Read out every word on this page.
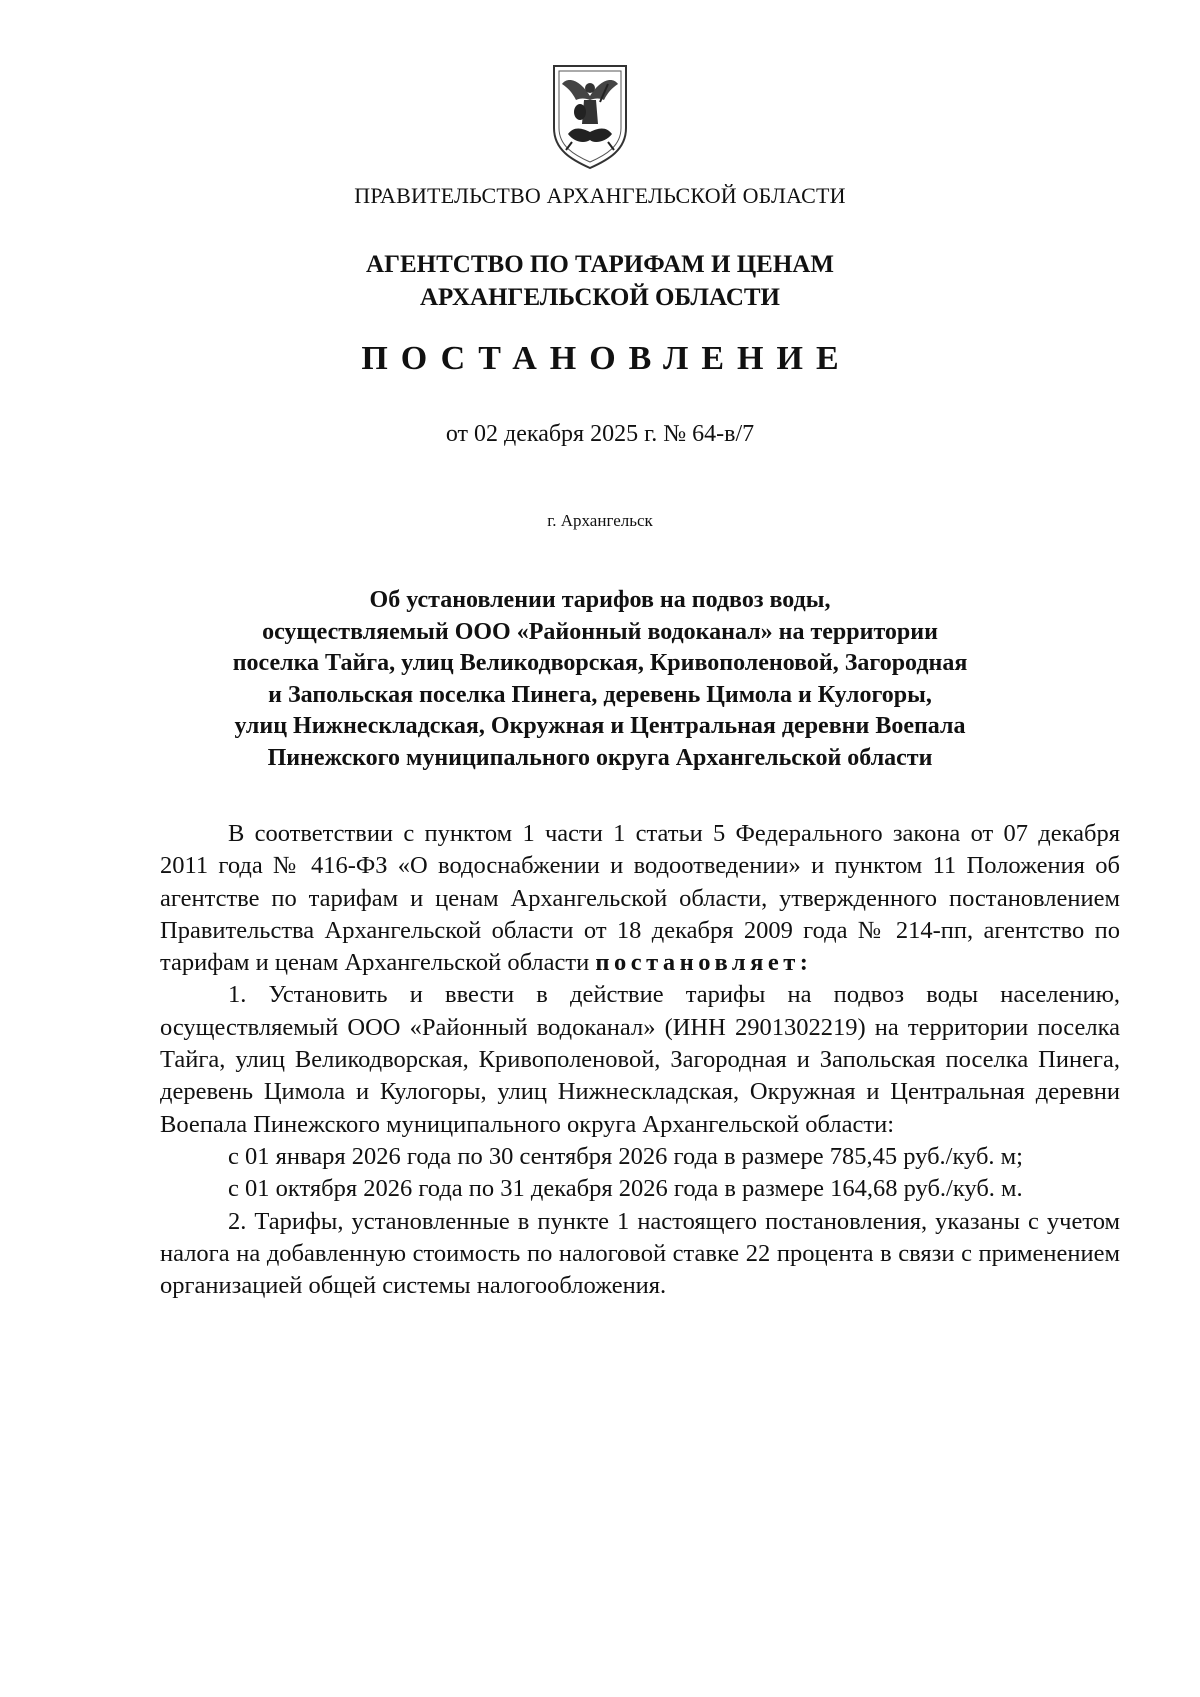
ПРАВИТЕЛЬСТВО АРХАНГЕЛЬСКОЙ ОБЛАСТИ
АГЕНТСТВО ПО ТАРИФАМ И ЦЕНАМ
АРХАНГЕЛЬСКОЙ ОБЛАСТИ
ПОСТАНОВЛЕНИЕ
от 02 декабря 2025 г. № 64-в/7
г. Архангельск
Об установлении тарифов на подвоз воды,
осуществляемый ООО «Районный водоканал» на территории
поселка Тайга, улиц Великодворская, Кривополеновой, Загородная
и Запольская поселка Пинега, деревень Цимола и Кулогоры,
улиц Нижнескладская, Окружная и Центральная деревни Воепала
Пинежского муниципального округа Архангельской области

В соответствии с пунктом 1 части 1 статьи 5 Федерального закона от 07 декабря 2011 года № 416-ФЗ «О водоснабжении и водоотведении» и пунктом 11 Положения об агентстве по тарифам и ценам Архангельской области, утвержденного постановлением Правительства Архангельской области от 18 декабря 2009 года № 214-пп, агентство по тарифам и ценам Архангельской области постановляет:

1. Установить и ввести в действие тарифы на подвоз воды населению, осуществляемый ООО «Районный водоканал» (ИНН 2901302219) на территории поселка Тайга, улиц Великодворская, Кривополеновой, Загородная и Запольская поселка Пинега, деревень Цимола и Кулогоры, улиц Нижнескладская, Окружная и Центральная деревни Воепала Пинежского муниципального округа Архангельской области:

с 01 января 2026 года по 30 сентября 2026 года в размере 785,45 руб./куб. м;

с 01 октября 2026 года по 31 декабря 2026 года в размере 164,68 руб./куб. м.

2. Тарифы, установленные в пункте 1 настоящего постановления, указаны с учетом налога на добавленную стоимость по налоговой ставке 22 процента в связи с применением организацией общей системы налогообложения.
